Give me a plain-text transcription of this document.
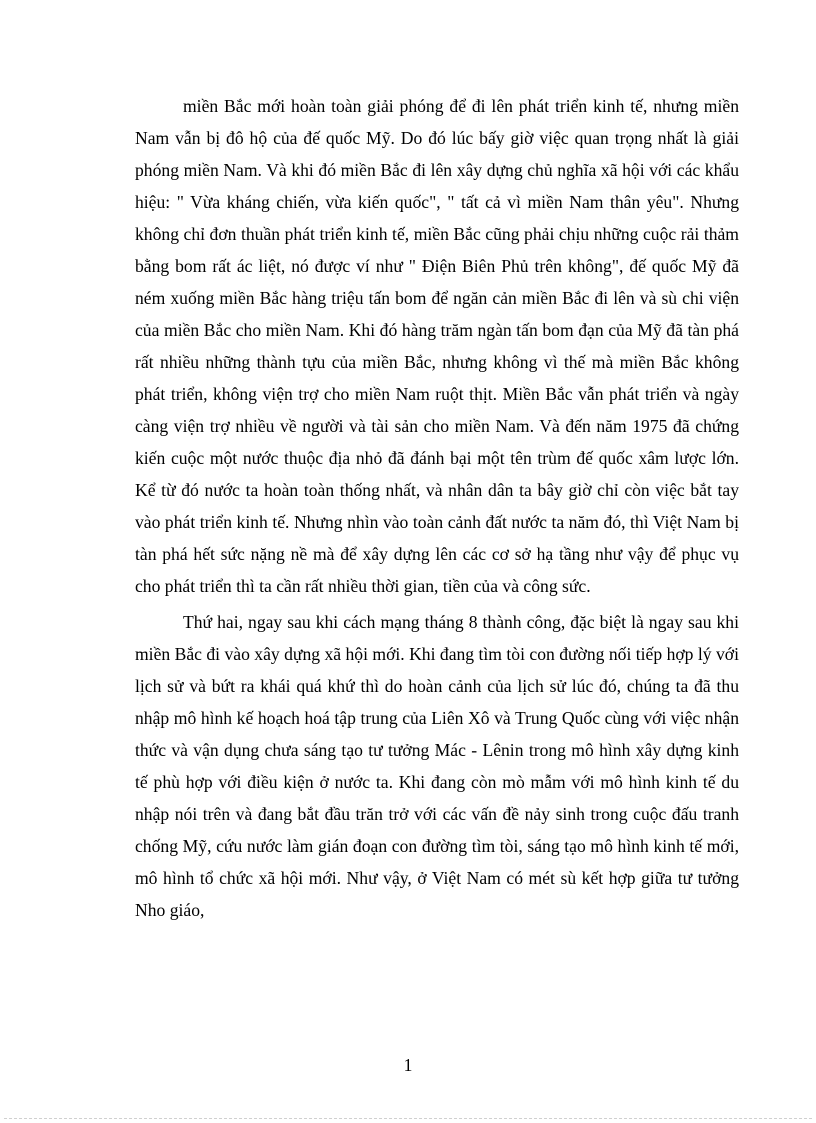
miền Bắc mới hoàn toàn giải phóng để đi lên phát triển kinh tế, nhưng miền Nam vẫn bị đô hộ của đế quốc Mỹ. Do đó lúc bấy giờ việc quan trọng nhất là giải phóng miền Nam. Và khi đó miền Bắc đi lên xây dựng chủ nghĩa xã hội với các khẩu hiệu: " Vừa kháng chiến, vừa kiến quốc", " tất cả vì miền Nam thân yêu". Nhưng không chỉ đơn thuần phát triển kinh tế, miền Bắc cũng phải chịu những cuộc rải thảm bằng bom rất ác liệt, nó được ví như " Điện Biên Phủ trên không", đế quốc Mỹ đã ném xuống miền Bắc hàng triệu tấn bom để ngăn cản miền Bắc đi lên và sù chi viện của miền Bắc cho miền Nam. Khi đó hàng trăm ngàn tấn bom đạn của Mỹ đã tàn phá rất nhiều những thành tựu của miền Bắc, nhưng không vì thế mà miền Bắc không phát triển, không viện trợ cho miền Nam ruột thịt. Miền Bắc vẫn phát triển và ngày càng viện trợ nhiều về người và tài sản cho miền Nam. Và đến năm 1975 đã chứng kiến cuộc một nước thuộc địa nhỏ đã đánh bại một tên trùm đế quốc xâm lược lớn. Kể từ đó nước ta hoàn toàn thống nhất, và nhân dân ta bây giờ chỉ còn việc bắt tay vào phát triển kinh tế. Nhưng nhìn vào toàn cảnh đất nước ta năm đó, thì Việt Nam bị tàn phá hết sức nặng nề mà để xây dựng lên các cơ sở hạ tầng như vậy để phục vụ cho phát triển thì ta cần rất nhiều thời gian, tiền của và công sức.

Thứ hai, ngay sau khi cách mạng tháng 8 thành công, đặc biệt là ngay sau khi miền Bắc đi vào xây dựng xã hội mới. Khi đang tìm tòi con đường nối tiếp hợp lý với lịch sử và bứt ra khái quá khứ thì do hoàn cảnh của lịch sử lúc đó, chúng ta đã thu nhập mô hình kế hoạch hoá tập trung của Liên Xô và Trung Quốc cùng với việc nhận thức và vận dụng chưa sáng tạo tư tưởng Mác - Lênin trong mô hình xây dựng kinh tế phù hợp với điều kiện ở nước ta. Khi đang còn mò mẫm với mô hình kinh tế du nhập nói trên và đang bắt đầu trăn trở với các vấn đề nảy sinh trong cuộc đấu tranh chống Mỹ, cứu nước làm gián đoạn con đường tìm tòi, sáng tạo mô hình kinh tế mới, mô hình tổ chức xã hội mới. Như vậy, ở Việt Nam có mét sù kết hợp giữa tư tưởng Nho giáo,

1
